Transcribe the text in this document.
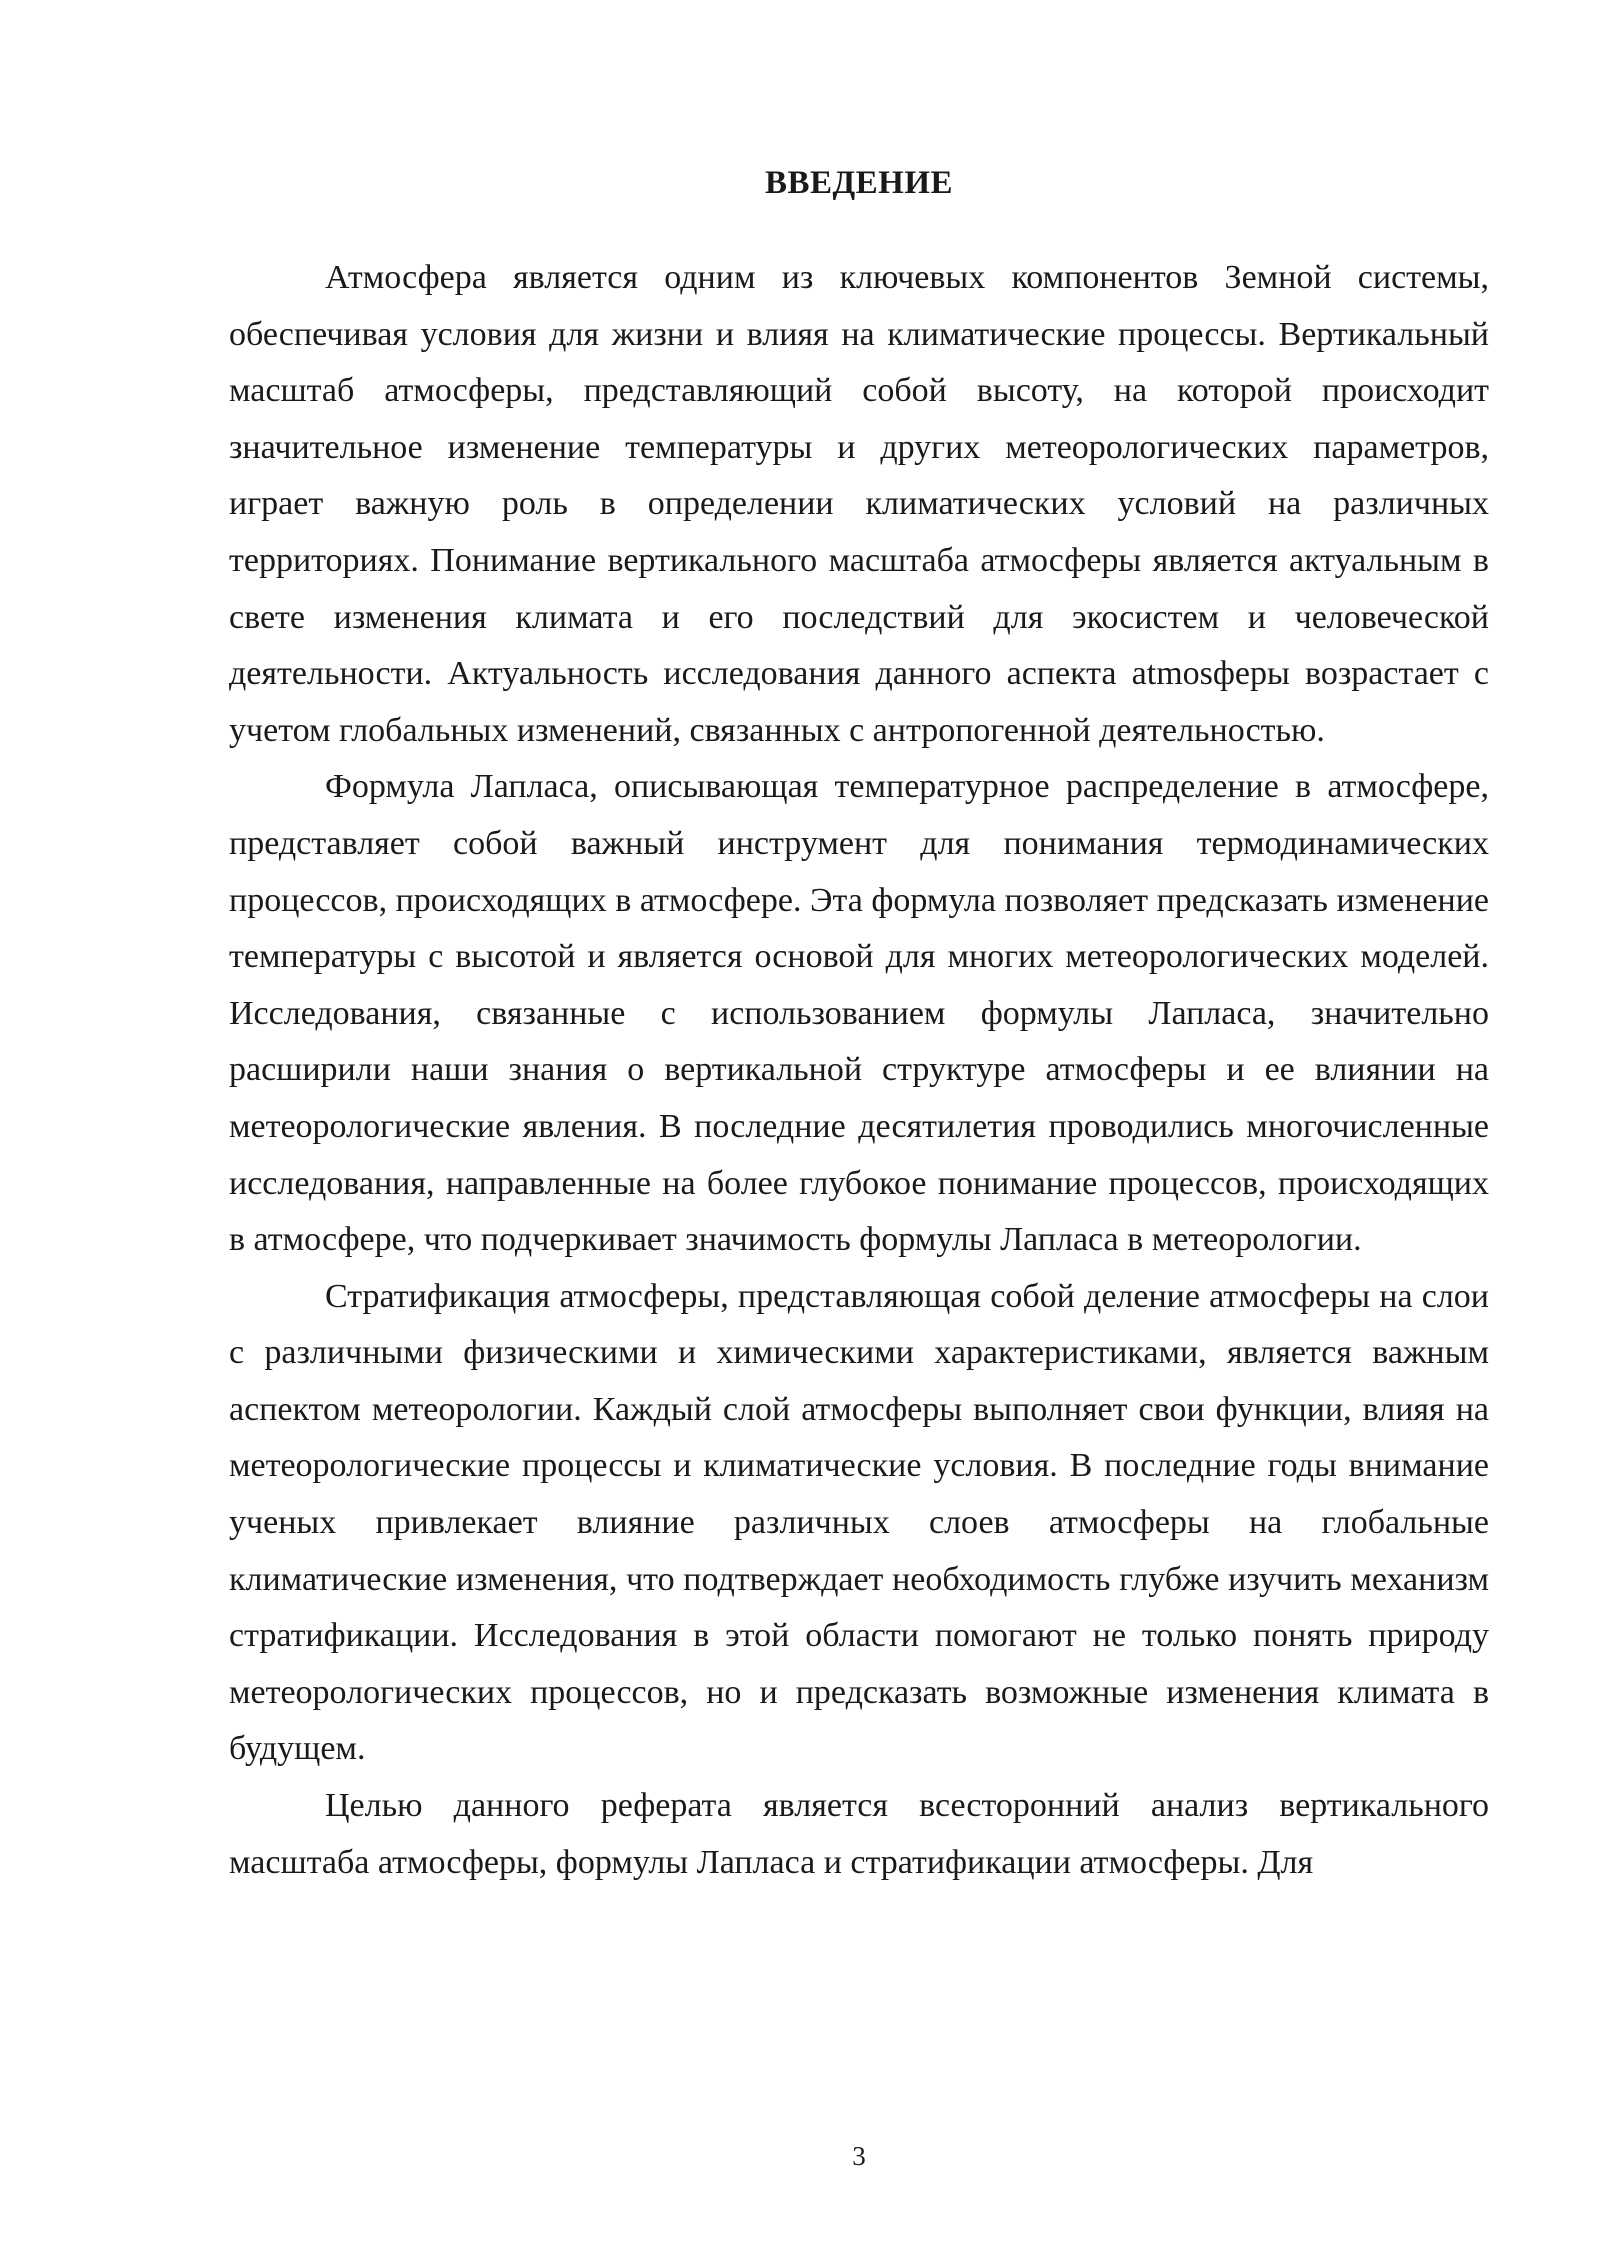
ВВЕДЕНИЕ

Атмосфера является одним из ключевых компонентов Земной системы, обеспечивая условия для жизни и влияя на климатические процессы. Вертикальный масштаб атмосферы, представляющий собой высоту, на которой происходит значительное изменение температуры и других метеорологических параметров, играет важную роль в определении климатических условий на различных территориях. Понимание вертикального масштаба атмосферы является актуальным в свете изменения климата и его последствий для экосистем и человеческой деятельности. Актуальность исследования данного аспекта atmosферы возрастает с учетом глобальных изменений, связанных с антропогенной деятельностью.

Формула Лапласа, описывающая температурное распределение в атмосфере, представляет собой важный инструмент для понимания термодинамических процессов, происходящих в атмосфере. Эта формула позволяет предсказать изменение температуры с высотой и является основой для многих метеорологических моделей. Исследования, связанные с использованием формулы Лапласа, значительно расширили наши знания о вертикальной структуре атмосферы и ее влиянии на метеорологические явления. В последние десятилетия проводились многочисленные исследования, направленные на более глубокое понимание процессов, происходящих в атмосфере, что подчеркивает значимость формулы Лапласа в метеорологии.

Стратификация атмосферы, представляющая собой деление атмосферы на слои с различными физическими и химическими характеристиками, является важным аспектом метеорологии. Каждый слой атмосферы выполняет свои функции, влияя на метеорологические процессы и климатические условия. В последние годы внимание ученых привлекает влияние различных слоев атмосферы на глобальные климатические изменения, что подтверждает необходимость глубже изучить механизм стратификации. Исследования в этой области помогают не только понять природу метеорологических процессов, но и предсказать возможные изменения климата в будущем.

Целью данного реферата является всесторонний анализ вертикального масштаба атмосферы, формулы Лапласа и стратификации атмосферы. Для

3
